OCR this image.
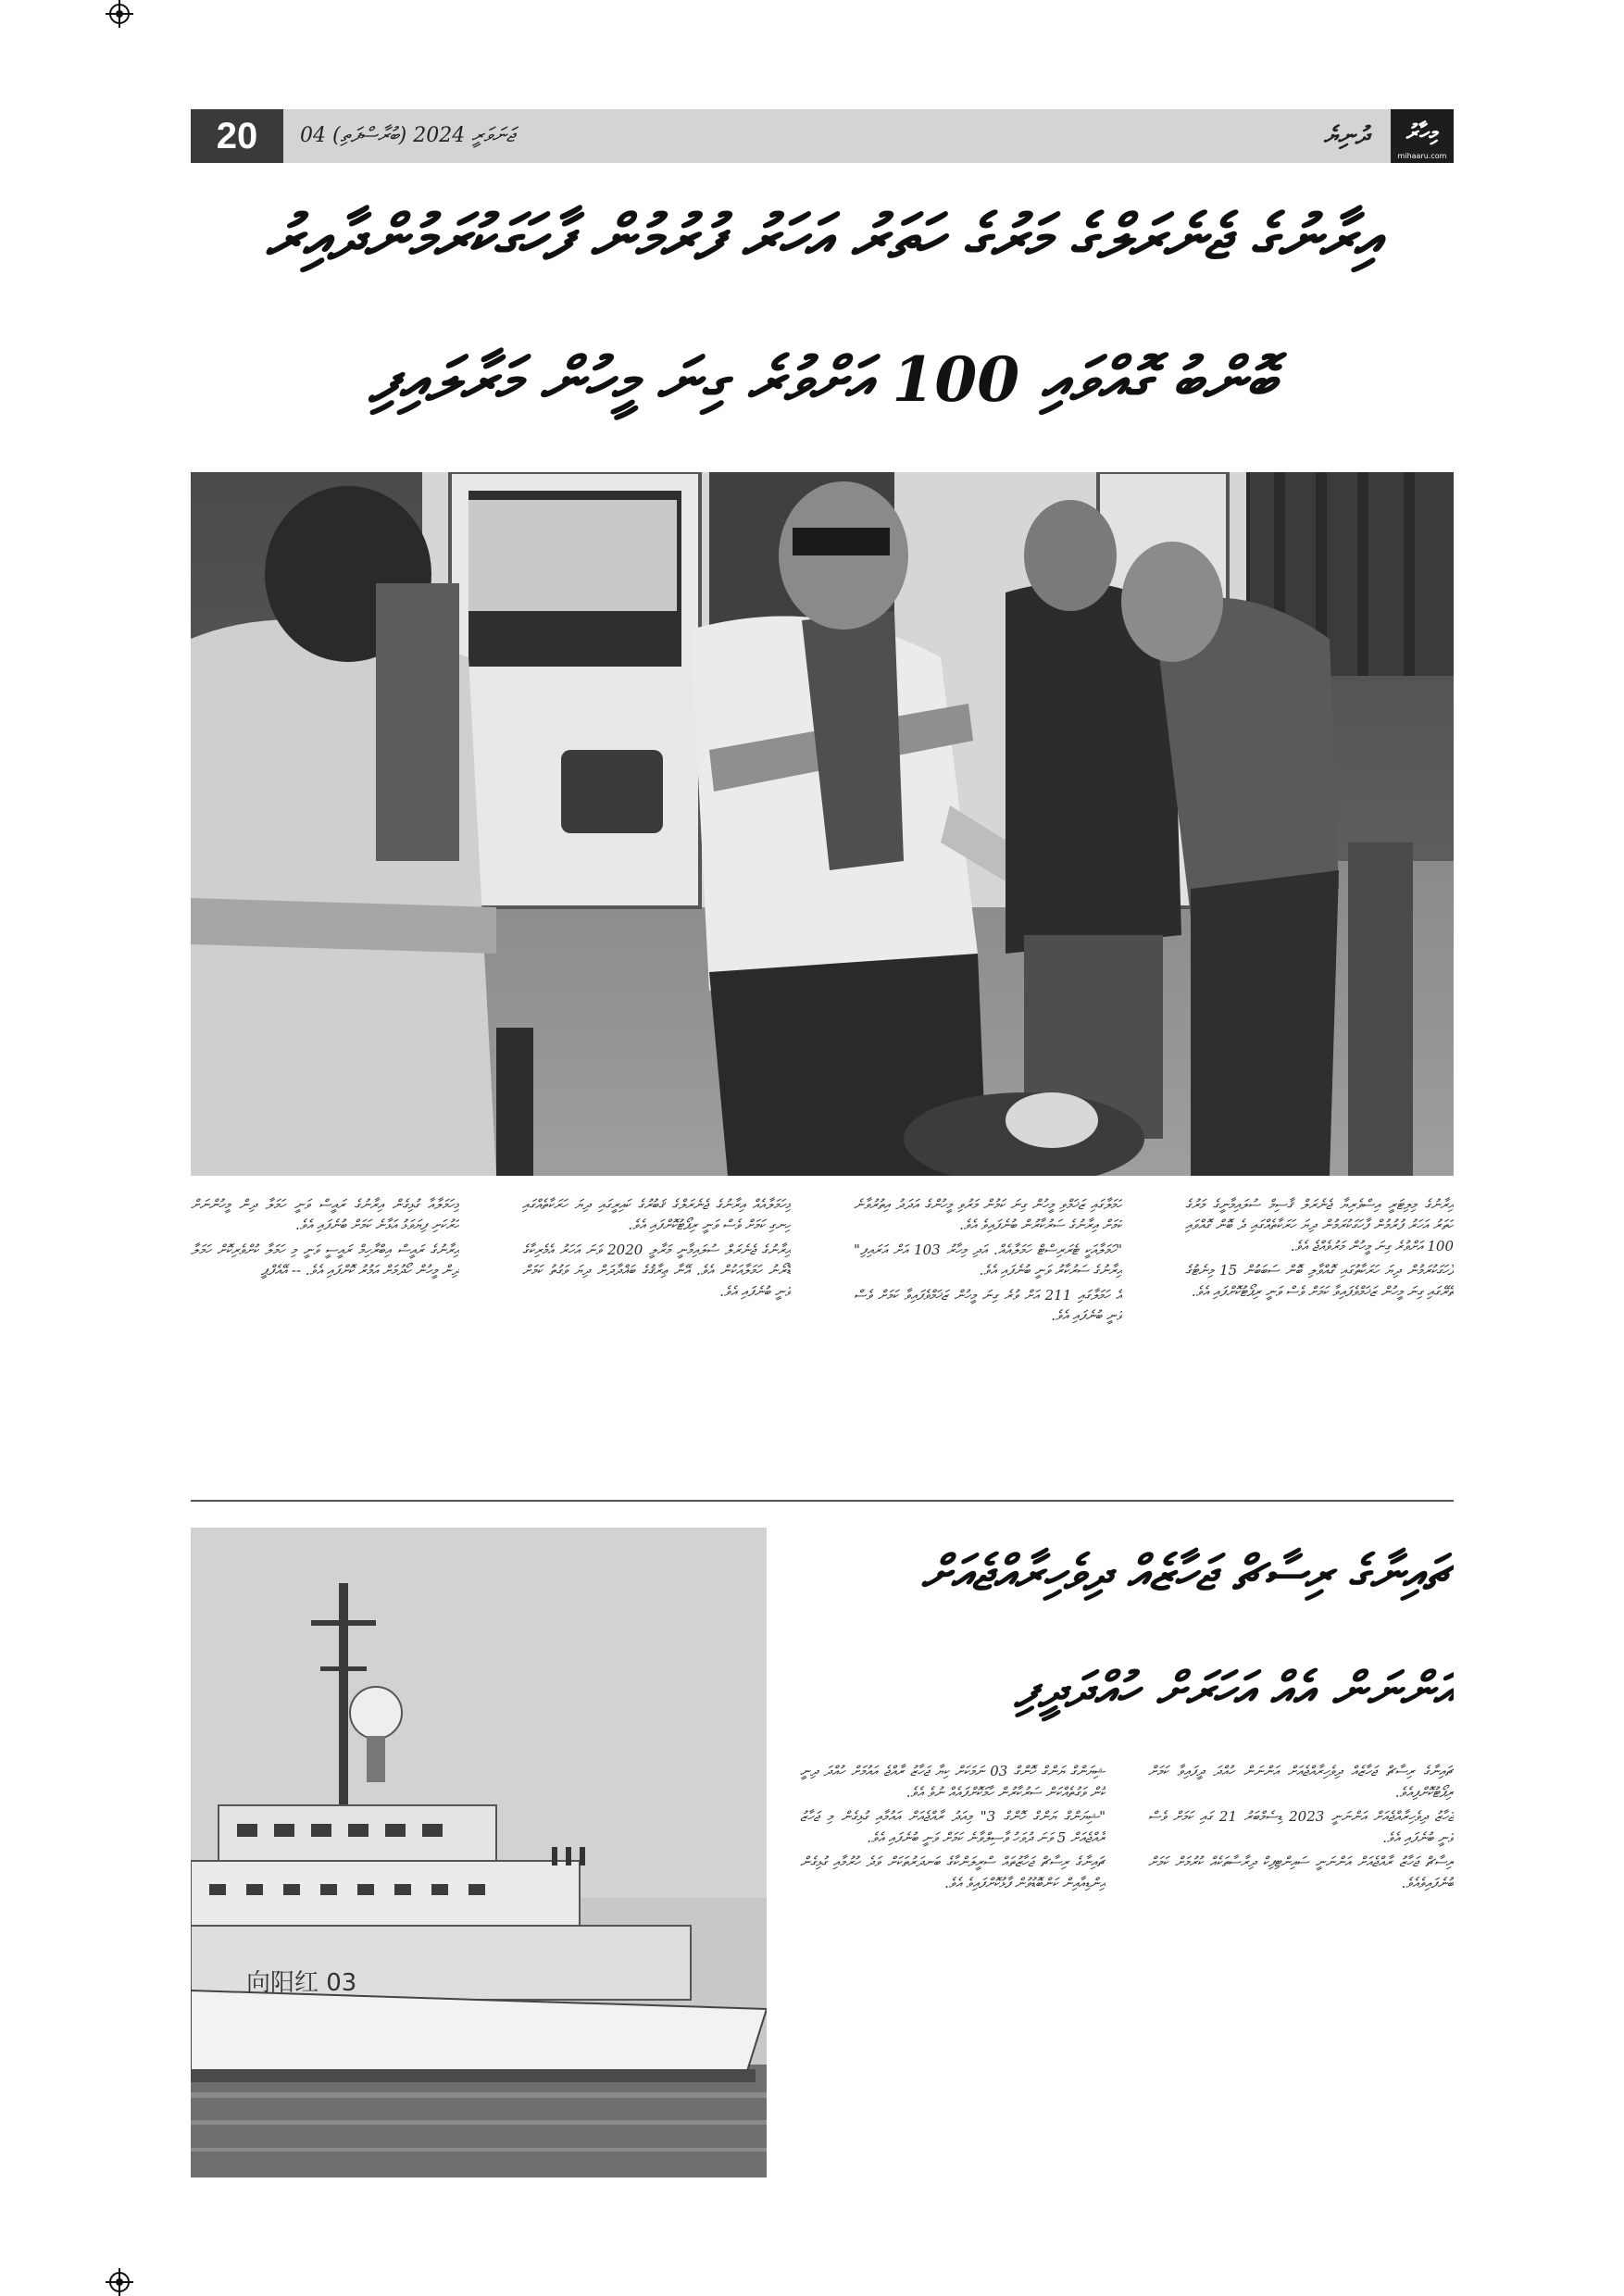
20	04 ޖަނަވަރީ 2024 (ބުރާސްފަތި)	ދުނިޔެ	މިހާރު
mihaaru.com
އިރާނުގެ ޖެނެރަލްގެ މަރުގެ ހަތަރު އަހަރު ފުރުމުން ފާހަގަކުރަމުންދާއިރު
ބޮންބު ގޮއްވައި 100 އަށްވުރެ ގިނަ މީހުން މަރާލައިފި

އިރާނުގެ މިލިޓަރީ އިސްވެރިޔާ ޖެނެރަލް ޤާސިމް ސުލައިމާނީގެ މަރުގެ ހަތަރު އަހަރު ފުރުމުން ފާހަގަކުރަމުން ދިޔަ ހަރަކާތެއްގައި ދެ ބޮން ގޮއްވައި 100 އަށްވުރެ ގިނަ މީހުން މަރުވެއްޖެ އެވެ.

ފާހަގަކުރަމުން ދިޔަ ހަރަކާތުގައި ގޮއްވާލި ބޮން ސަބަބުން 15 މިނެޓުގެ ތެރޭގައި ގިނަ މީހުން ޒަޚަމްވެފައިވާ ކަމަށް ވެސް ވަނީ ރިޕޯޓުކޮށްފައި އެވެ.

ހަމަލާގައި ޒަޚަމްވި މީހުން ގިނަ ކަމުން މަރުވި މީހުންގެ އަދަދު އިތުރުވާނެ ކަމަށް އިރާނުގެ ސަރުކާރުން ބުނެފައިވެ އެވެ.

"ހަމަލާއަކީ ޓެރަރިސްޓް ހަމަލާއެއް. އަދި މިހާރު 103 އަށް އަރައިފި" އިރާނުގެ ސަރުކާރު ވަނީ ބުނެފައި އެވެ.

އެ ހަމަލާގައި 211 އަށް ވުރެ ގިނަ މީހުން ޒަޚަމްވެފައިވާ ކަމަށް ވެސް ވަނީ ބުނެފައި އެވެ.

މިހަމަލާއެއް އިރާނުގެ ޖެނެރަލްގެ ޤަބުރުގެ ކައިރީގައި ދިޔަ ހަރަކާތެއްގައި ހިނގި ކަމަށް ވެސް ވަނީ ރިޕޯޓުކޮށްފައި އެވެ.

އިރާނުގެ ޖެނެރަލް ސުލައިމާނީ މަރާލީ 2020 ވަނަ އަހަރު އެމެރިކާގެ ޑްރޯނު ހަމަލާއަކުން އެވެ. އޭނާ ޢިރާޤުގެ ބަޣްދާދަށް ދިޔަ ވަގުތު ކަމަށް ވަނީ ބުނެފައި އެވެ.

މިހަމަލާއާ ގުޅިގެން އިރާނުގެ ރައީސް ވަނީ ހަމަލާ ދިން މީހުންނަށް ހަރުކަށި ފިޔަވަޅު އަޅާނެ ކަމަށް ބުނެފައި އެވެ.

އިރާނުގެ ރައީސް އިބްރާހިމް ރައީސީ ވަނީ މި ހަމަލާ ކުށްވެރިކޮށް ހަމަލާ ދިން މީހުން ހޯދުމަށް އަމުރު ކޮށްފައި އެވެ. -- އޭއެފްޕީ

向阳红 03
ޗައިނާގެ ރިސާޗް ޖަހާޒެއް ދިވެހިރާއްޖެއަށް
އަންނަން އެއް އަހަރަށް ހުއްދަދީފި

ޗައިނާގެ ރިސާޗް ޖަހާޒެއް ދިވެހިރާއްޖެއަށް އަންނަން ހުއްދަ ދީފައިވާ ކަމަށް ރިޕޯޓުކޮށްފިއެވެ.

ޖަހާޒު ދިވެހިރާއްޖެއަށް އަންނަނީ 2023 ޑިސެމްބަރު 21 ގައި ކަމަށް ވެސް ވަނީ ބުނެފައި އެވެ.

ރިސާޗް ޖަހާޒު ރާއްޖެއަށް އަންނަނީ ސައިންޓިފިކް ދިރާސާތަކެއް ކުރުމަށް ކަމަށް ބުނެފައިވެއެވެ.

ޝިޔަންގް ޔަންގް ހޮންގް 03 ނަމަކަށް ކިޔާ ޖަހާޒު ރާއްޖެ އައުމަށް ހުއްދަ ދިނީ ކޮން ވަގުތެއްކަން ސަރުކާރުން ހާމަކޮށްފައެއް ނުވެ އެވެ.

"ޝިޔަންގް ޔަންގް ހޮންގް 3" މިއަދު ރާއްޖެއަށް އައުމާއި ގުޅިގެން މި ޖަހާޒު ރާއްޖެއަށް 5 ވަނަ ދުވަހު ވާސިލްވާނެ ކަމަށް ވަނީ ބުނެފައި އެވެ.

ޗައިނާގެ ރިސާޗް ޖަހާޒުތައް ސްރީލަންކާގެ ބަނދަރުތަކަށް ވަދެ ހުރުމާއި ގުޅިގެން އިންޑިއާއިން ކަންބޮޑުވުން ފާޅުކޮށްފައިވެ އެވެ.
